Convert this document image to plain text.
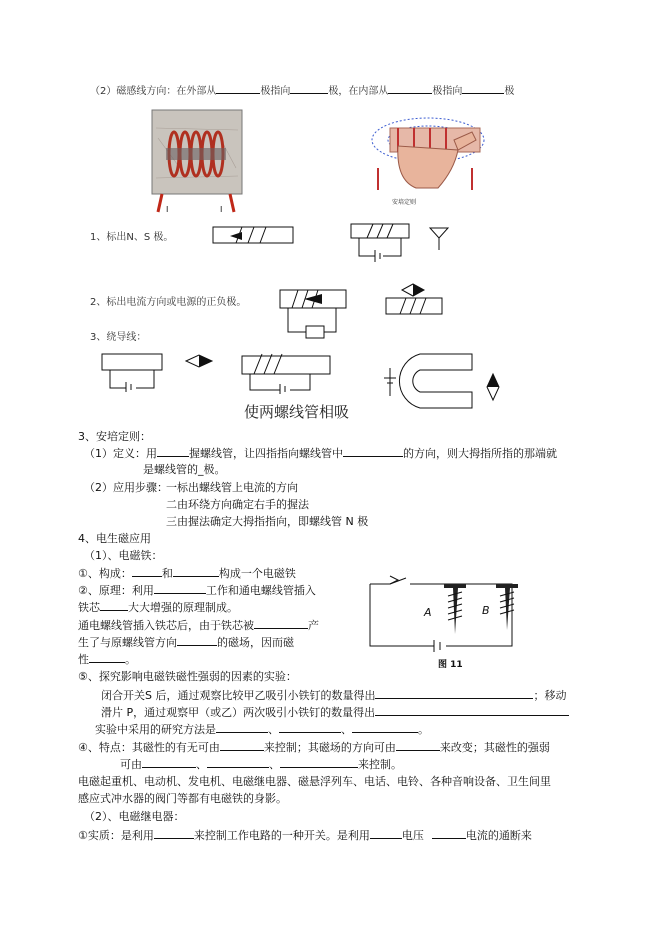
（2）磁感线方向：在外部从	极指向	极，在内部从	极指向	极
I	I
安培定则
1、标出N、S 极。
2、标出电流方向或电源的正负极。
3、绕导线：
使两螺线管相吸
3、安培定则：
（1）定义：用	握螺线管，让四指指向螺线管中	的方向，则大拇指所指的那端就
是螺线管的_极。
（2）应用步骤：
一标出螺线管上电流的方向
二由环绕方向确定右手的握法
三由握法确定大拇指指向，即螺线管 N 极
4、电生磁应用
（1）、电磁铁：
①、构成：	和	构成一个电磁铁
②、原理：利用	工作和通电螺线管插入
铁芯	大大增强的原理制成。
通电螺线管插入铁芯后，由于铁芯被	产
生了与原螺线管方向	的磁场，因而磁
性	。
A	B
图 11
⑤、探究影响电磁铁磁性强弱的因素的实验：
闭合开关S 后，通过观察比较甲乙吸引小铁钉的数量得出	；移动
滑片 P，通过观察甲（或乙）两次吸引小铁钉的数量得出
实验中采用的研究方法是	、	、	。
④、特点：其磁性的有无可由	来控制；其磁场的方向可由	来改变；其磁性的强弱
可由	、	、	来控制。
电磁起重机、电动机、发电机、电磁继电器、磁悬浮列车、电话、电铃、各种音响设备、卫生间里
感应式冲水器的阀门等都有电磁铁的身影。
（2）、电磁继电器：
①实质：是利用	来控制工作电路的一种开关。是利用	电压	电流的通断来
